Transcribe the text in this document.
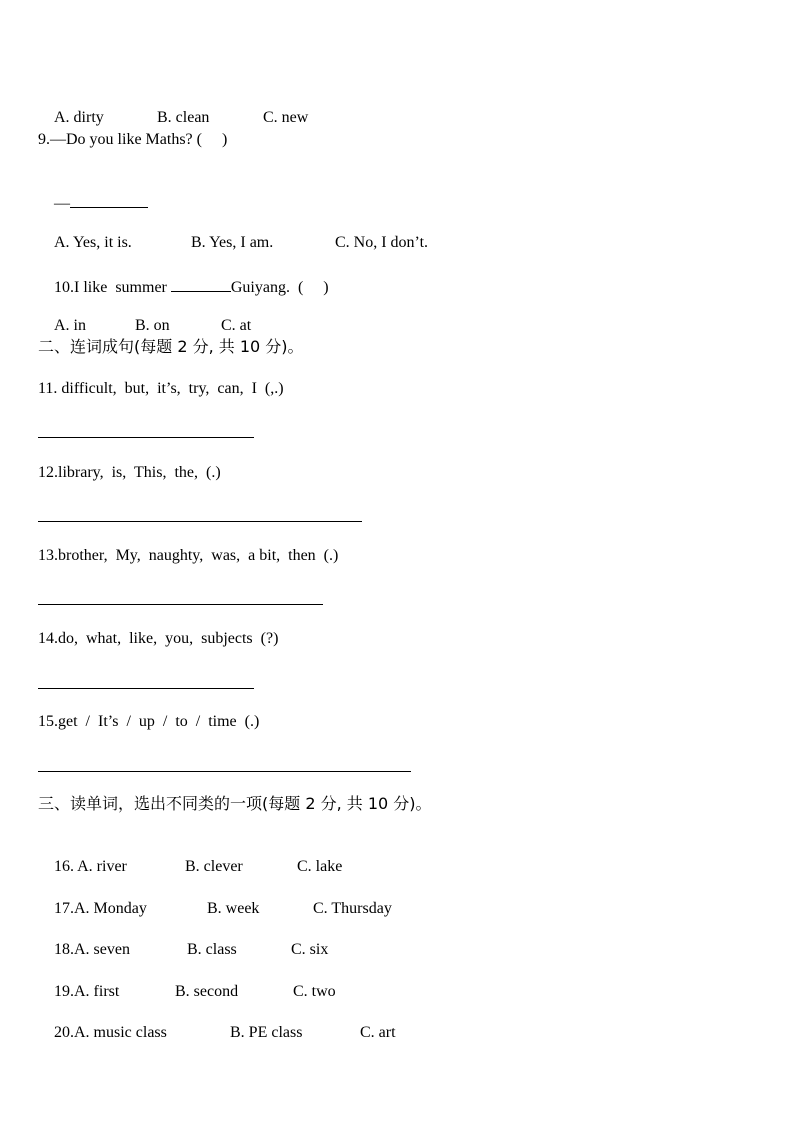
A. dirty	B. clean	C. new

9.—Do you like Maths? (     )

—

A. Yes, it is.	B. Yes, I am.	C. No, I don’t.

10.I like  summer	Guiyang.  (     )

A. in	B. on	C. at

二、连词成句(每题 2 分, 共 10 分)。
11. difficult,  but,  it’s,  try,  can,  I  (,.)
12.library,  is,  This,  the,  (.)
13.brother,  My,  naughty,  was,  a bit,  then  (.)
14.do,  what,  like,  you,  subjects  (?)
15.get  /  It’s  /  up  /  to  /  time  (.)
三、读单词，选出不同类的一项(每题 2 分, 共 10 分)。

16. A. river	B. clever	C. lake

17.A. Monday	B. week	C. Thursday

18.A. seven	B. class	C. six

19.A. first	B. second	C. two

20.A. music class	B. PE class	C. art
